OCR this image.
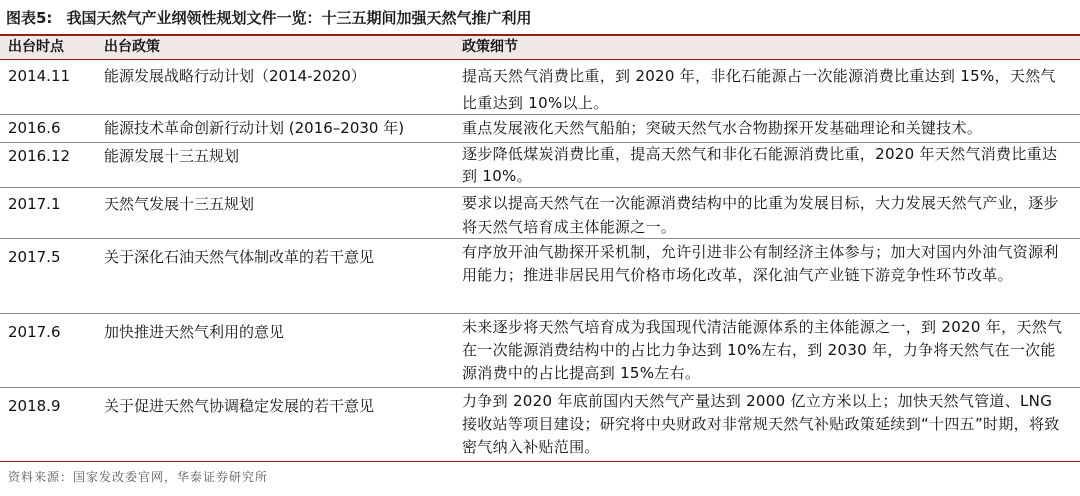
图表5: 我国天然气产业纲领性规划文件一览：十三五期间加强天然气推广利用
出台时点	出台政策	政策细节
2014.11	能源发展战略行动计划（2014-2020）	提高天然气消费比重，到 2020 年，非化石能源占一次能源消费比重达到 15%，天然气比重达到 10%以上。
2016.6	能源技术革命创新行动计划 (2016–2030 年)	重点发展液化天然气船舶；突破天然气水合物勘探开发基础理论和关键技术。
2016.12	能源发展十三五规划	逐步降低煤炭消费比重，提高天然气和非化石能源消费比重，2020 年天然气消费比重达到 10%。
2017.1	天然气发展十三五规划	要求以提高天然气在一次能源消费结构中的比重为发展目标，大力发展天然气产业，逐步将天然气培育成主体能源之一。
2017.5	关于深化石油天然气体制改革的若干意见	有序放开油气勘探开采机制，允许引进非公有制经济主体参与；加大对国内外油气资源利用能力；推进非居民用气价格市场化改革，深化油气产业链下游竞争性环节改革。
2017.6	加快推进天然气利用的意见	未来逐步将天然气培育成为我国现代清洁能源体系的主体能源之一，到 2020 年，天然气在一次能源消费结构中的占比力争达到 10%左右，到 2030 年，力争将天然气在一次能源消费中的占比提高到 15%左右。
2018.9	关于促进天然气协调稳定发展的若干意见	力争到 2020 年底前国内天然气产量达到 2000 亿立方米以上；加快天然气管道、LNG 接收站等项目建设；研究将中央财政对非常规天然气补贴政策延续到“十四五”时期，将致密气纳入补贴范围。
资料来源：国家发改委官网，华泰证券研究所
